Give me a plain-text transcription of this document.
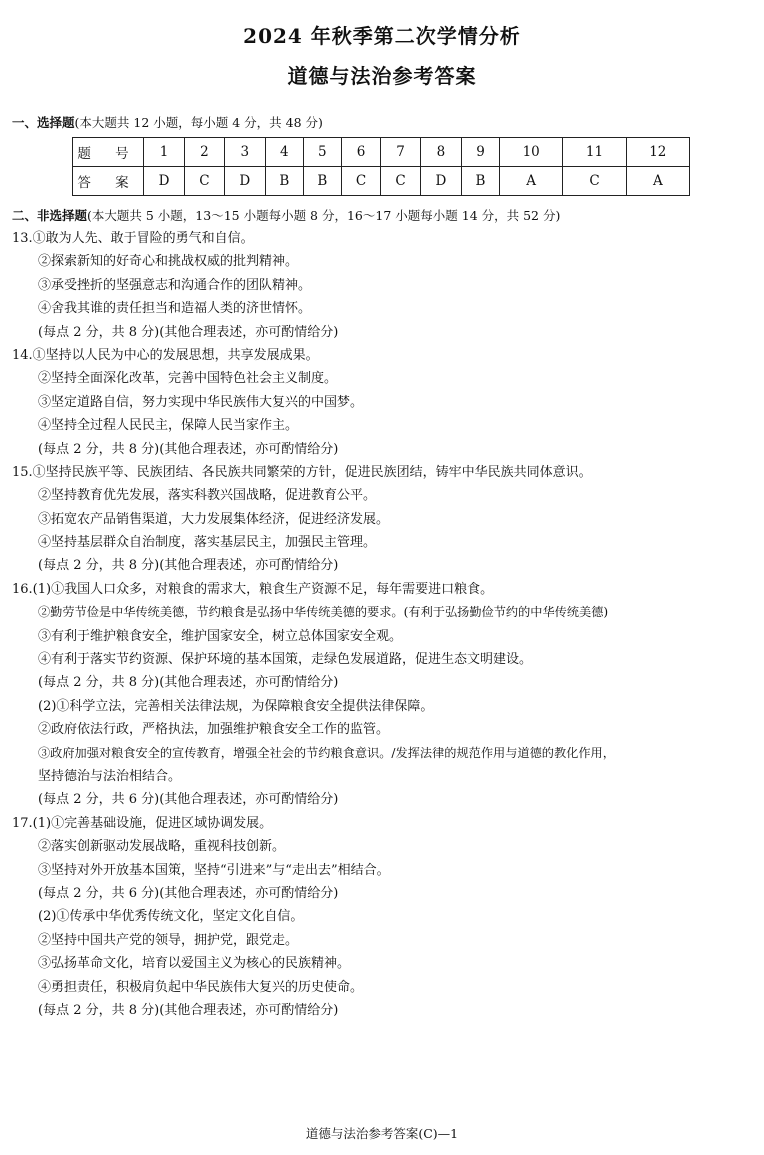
2024 年秋季第二次学情分析
道德与法治参考答案
一、选择题(本大题共 12 小题，每小题 4 分，共 48 分)
题 号	1	2	3	4	5	6	7	8	9	10	11	12
答 案	D	C	D	B	B	C	C	D	B	A	C	A
二、非选择题(本大题共 5 小题，13～15 小题每小题 8 分，16～17 小题每小题 14 分，共 52 分)
13.①敢为人先、敢于冒险的勇气和自信。
②探索新知的好奇心和挑战权威的批判精神。
③承受挫折的坚强意志和沟通合作的团队精神。
④舍我其谁的责任担当和造福人类的济世情怀。
(每点 2 分，共 8 分)(其他合理表述，亦可酌情给分)
14.①坚持以人民为中心的发展思想，共享发展成果。
②坚持全面深化改革，完善中国特色社会主义制度。
③坚定道路自信，努力实现中华民族伟大复兴的中国梦。
④坚持全过程人民民主，保障人民当家作主。
(每点 2 分，共 8 分)(其他合理表述，亦可酌情给分)
15.①坚持民族平等、民族团结、各民族共同繁荣的方针，促进民族团结，铸牢中华民族共同体意识。
②坚持教育优先发展，落实科教兴国战略，促进教育公平。
③拓宽农产品销售渠道，大力发展集体经济，促进经济发展。
④坚持基层群众自治制度，落实基层民主，加强民主管理。
(每点 2 分，共 8 分)(其他合理表述，亦可酌情给分)
16.(1)①我国人口众多，对粮食的需求大，粮食生产资源不足，每年需要进口粮食。
②勤劳节俭是中华传统美德，节约粮食是弘扬中华传统美德的要求。(有利于弘扬勤俭节约的中华传统美德)
③有利于维护粮食安全，维护国家安全，树立总体国家安全观。
④有利于落实节约资源、保护环境的基本国策，走绿色发展道路，促进生态文明建设。
(每点 2 分，共 8 分)(其他合理表述，亦可酌情给分)
(2)①科学立法，完善相关法律法规，为保障粮食安全提供法律保障。
②政府依法行政，严格执法，加强维护粮食安全工作的监管。
③政府加强对粮食安全的宣传教育，增强全社会的节约粮食意识。/发挥法律的规范作用与道德的教化作用，
坚持德治与法治相结合。
(每点 2 分，共 6 分)(其他合理表述，亦可酌情给分)
17.(1)①完善基础设施，促进区域协调发展。
②落实创新驱动发展战略，重视科技创新。
③坚持对外开放基本国策，坚持“引进来”与“走出去”相结合。
(每点 2 分，共 6 分)(其他合理表述，亦可酌情给分)
(2)①传承中华优秀传统文化，坚定文化自信。
②坚持中国共产党的领导，拥护党，跟党走。
③弘扬革命文化，培育以爱国主义为核心的民族精神。
④勇担责任，积极肩负起中华民族伟大复兴的历史使命。
(每点 2 分，共 8 分)(其他合理表述，亦可酌情给分)
道德与法治参考答案(C)—1
